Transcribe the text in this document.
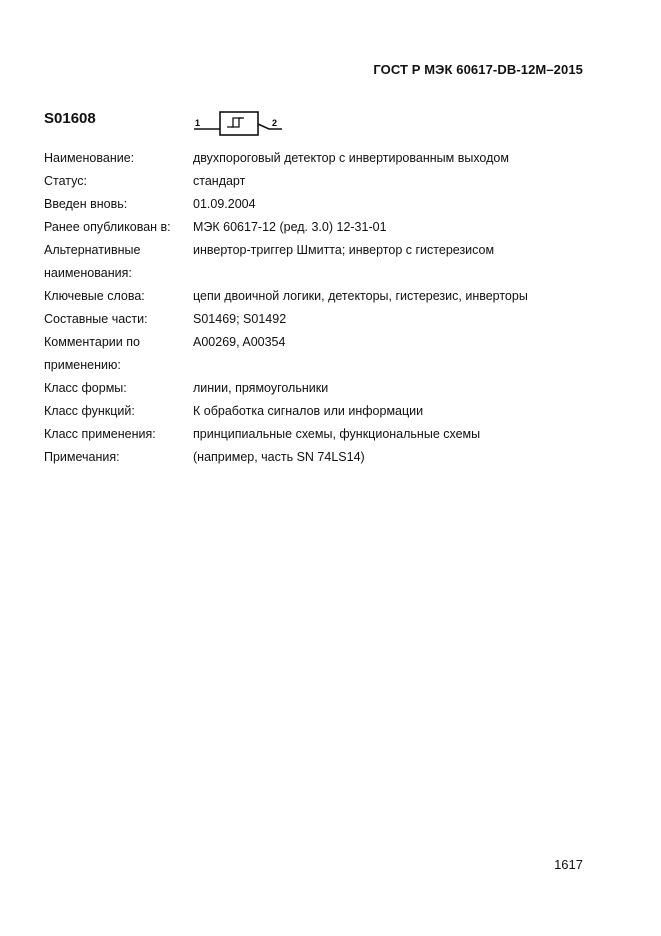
ГОСТ Р МЭК 60617-DB-12M–2015
S01608	1	2
Наименование:	двухпороговый детектор с инвертированным выходом
Статус:	стандарт
Введен вновь:	01.09.2004
Ранее опубликован в:	МЭК 60617-12 (ред. 3.0) 12-31-01
Альтернативные	инвертор-триггер Шмитта; инвертор с гистерезисом
наименования:
Ключевые слова:	цепи двоичной логики, детекторы, гистерезис, инверторы
Составные части:	S01469; S01492
Комментарии по	A00269, A00354
применению:
Класс формы:	линии, прямоугольники
Класс функций:	К обработка сигналов или информации
Класс применения:	принципиальные схемы, функциональные схемы
Примечания:	(например, часть SN 74LS14)
1617
